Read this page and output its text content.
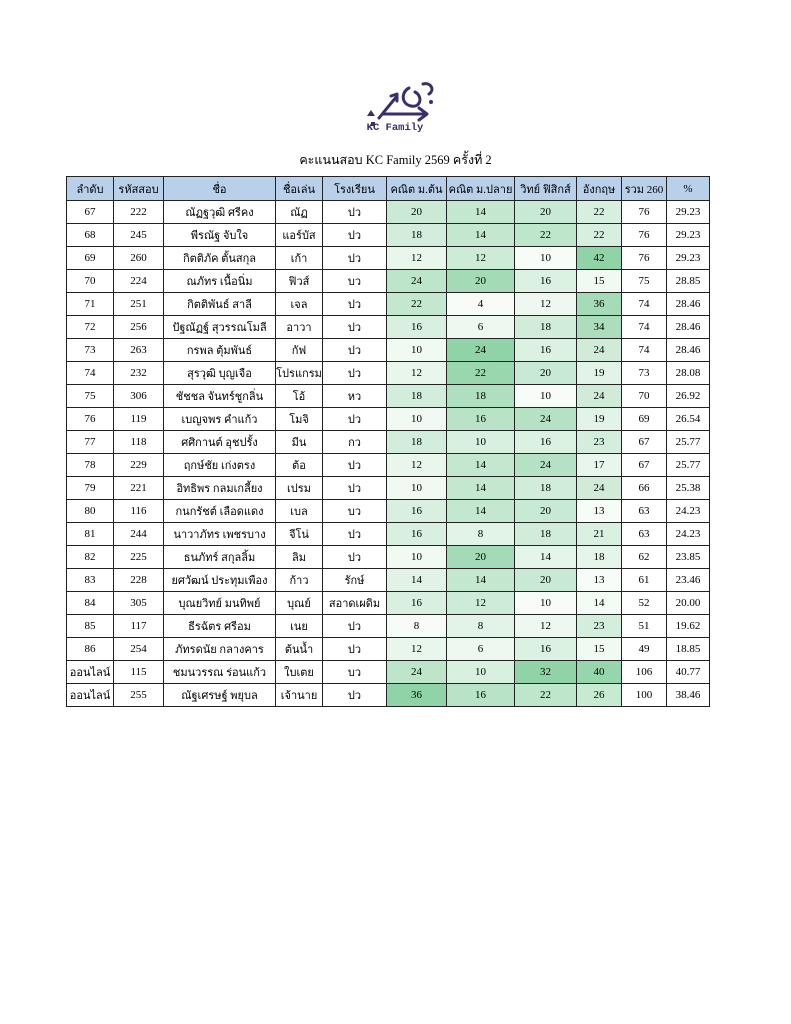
KC Family
คะแนนสอบ KC Family 2569 ครั้งที่ 2
ลำดับ	รหัสสอบ	ชื่อ	ชื่อเล่น	โรงเรียน	คณิต ม.ต้น	คณิต ม.ปลาย	วิทย์ ฟิสิกส์	อังกฤษ	รวม 260	%
67	222	ณัฏฐวุฒิ ศรีคง	ณัฏ	ปว	20	14	20	22	76	29.23
68	245	พีรณัฐ จับใจ	แอร์บัส	ปว	18	14	22	22	76	29.23
69	260	กิตติภัค ตั้นสกุล	เก้า	ปว	12	12	10	42	76	29.23
70	224	ณภัทร เนื้อนิ่ม	ฟิวส์	บว	24	20	16	15	75	28.85
71	251	กิตติพันธ์ สาลี	เจล	ปว	22	4	12	36	74	28.46
72	256	ปัฐณัฏฐ์ สุวรรณโมลี	อาวา	ปว	16	6	18	34	74	28.46
73	263	กรพล ตุ้มพันธ์	กัฟ	ปว	10	24	16	24	74	28.46
74	232	สุรวุฒิ บุญเจือ	โปรแกรม	ปว	12	22	20	19	73	28.08
75	306	ชัชชล จันทร์ชูกลิ่น	โอ้	หว	18	18	10	24	70	26.92
76	119	เบญจพร คำแก้ว	โมจิ	ปว	10	16	24	19	69	26.54
77	118	ศศิกานต์ อุชปรั้ง	มีน	กว	18	10	16	23	67	25.77
78	229	ฤกษ์ชัย เก่งตรง	ต้อ	ปว	12	14	24	17	67	25.77
79	221	อิทธิพร กลมเกลี้ยง	เปรม	ปว	10	14	18	24	66	25.38
80	116	กนกรัชต์ เลือดแดง	เบล	บว	16	14	20	13	63	24.23
81	244	นาวาภัทร เพชรบาง	จีโน่	ปว	16	8	18	21	63	24.23
82	225	ธนภัทร์ สกุลลิ้ม	ลิม	ปว	10	20	14	18	62	23.85
83	228	ยศวัฒน์ ประทุมเพือง	ก้าว	รักษ์	14	14	20	13	61	23.46
84	305	บุณยวิทย์ มนทิพย์	บุณย์	สอาดเผดิม	16	12	10	14	52	20.00
85	117	ธีรฉัตร ศรีอม	เนย	ปว	8	8	12	23	51	19.62
86	254	ภัทรดนัย กลางคาร	ต้นน้ำ	ปว	12	6	16	15	49	18.85
ออนไลน์	115	ชมนวรรณ ร่อนแก้ว	ใบเตย	บว	24	10	32	40	106	40.77
ออนไลน์	255	ณัฐเศรษฐ์ พยุบล	เจ้านาย	ปว	36	16	22	26	100	38.46
